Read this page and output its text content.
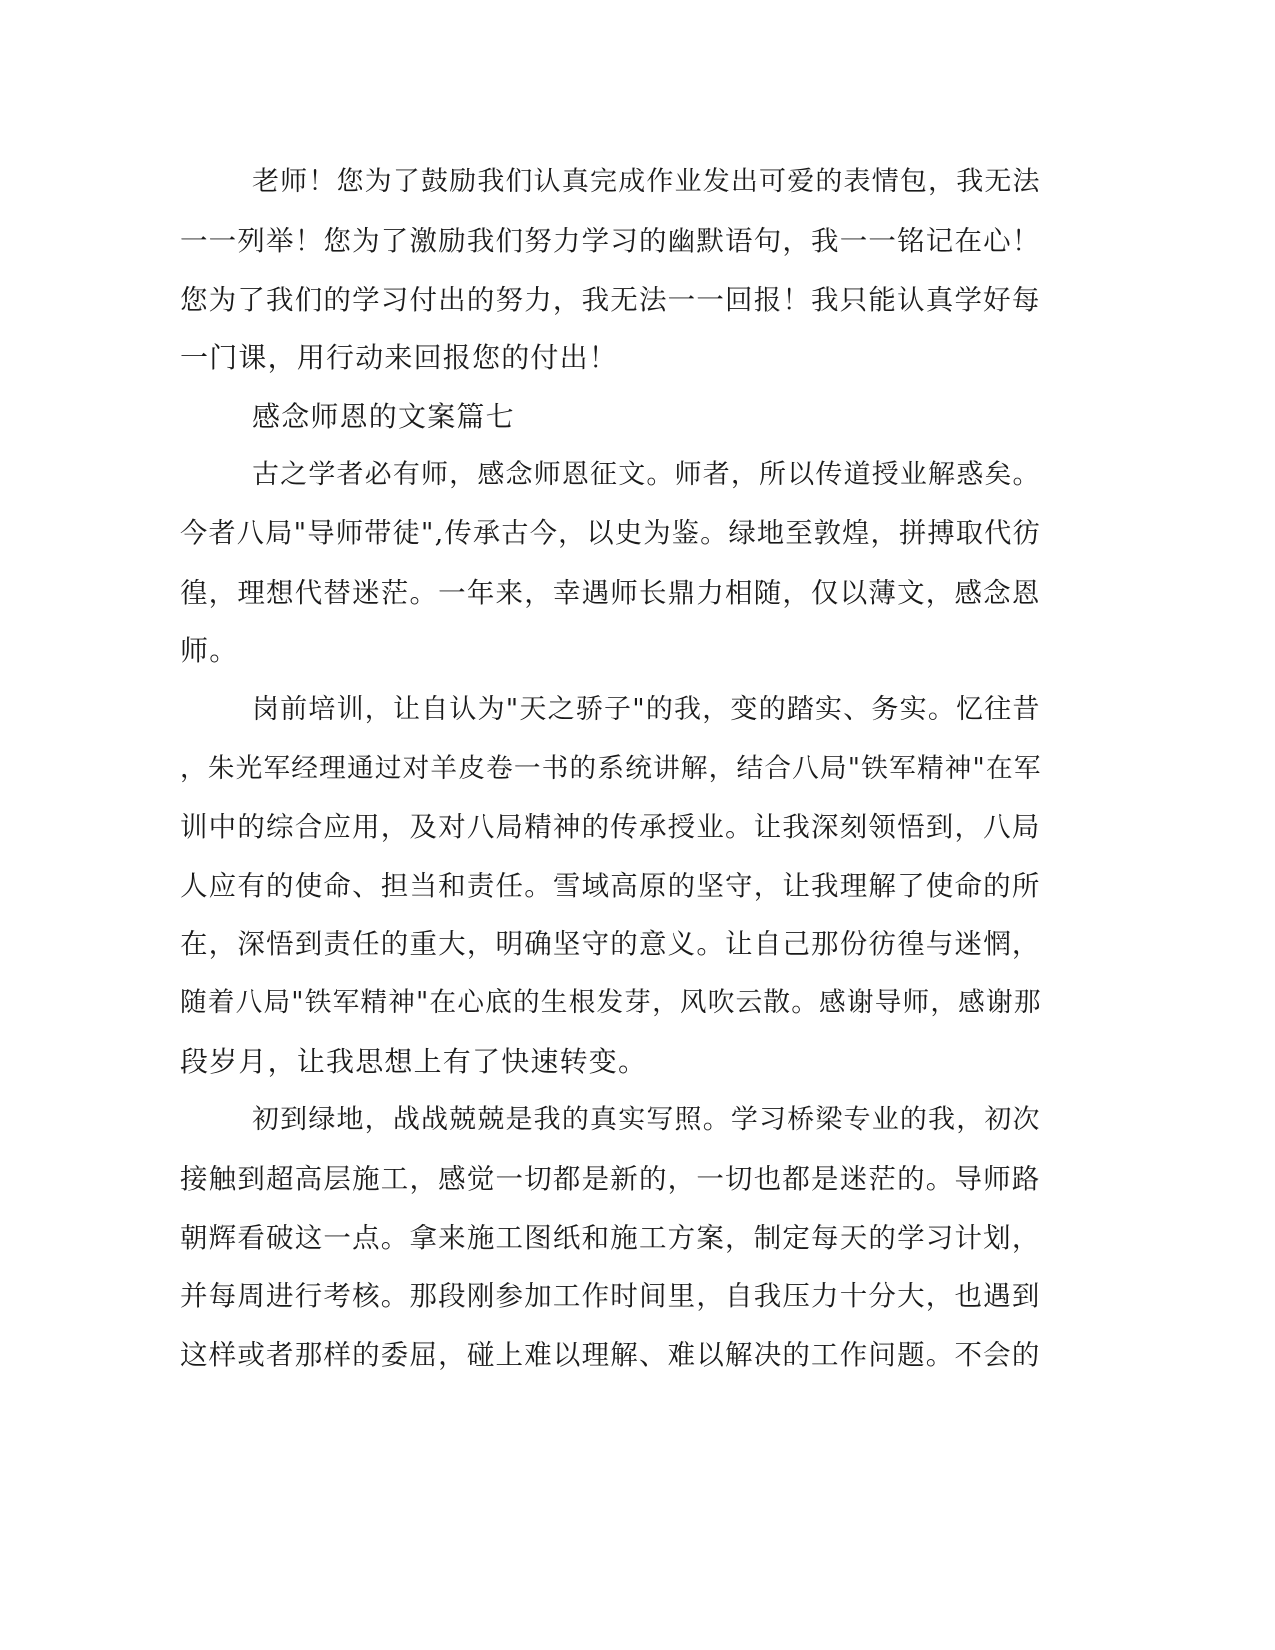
老师！您为了鼓励我们认真完成作业发出可爱的表情包，我无法

一一列举！您为了激励我们努力学习的幽默语句，我一一铭记在心！

您为了我们的学习付出的努力，我无法一一回报！我只能认真学好每

一门课，用行动来回报您的付出！

感念师恩的文案篇七

古之学者必有师，感念师恩征文。师者，所以传道授业解惑矣。

今者八局"导师带徒",传承古今，以史为鉴。绿地至敦煌，拼搏取代彷

徨，理想代替迷茫。一年来，幸遇师长鼎力相随，仅以薄文，感念恩

师。

岗前培训，让自认为"天之骄子"的我，变的踏实、务实。忆往昔

，朱光军经理通过对羊皮卷一书的系统讲解，结合八局"铁军精神"在军

训中的综合应用，及对八局精神的传承授业。让我深刻领悟到，八局

人应有的使命、担当和责任。雪域高原的坚守，让我理解了使命的所

在，深悟到责任的重大，明确坚守的意义。让自己那份彷徨与迷惘，

随着八局"铁军精神"在心底的生根发芽，风吹云散。感谢导师，感谢那

段岁月，让我思想上有了快速转变。

初到绿地，战战兢兢是我的真实写照。学习桥梁专业的我，初次

接触到超高层施工，感觉一切都是新的，一切也都是迷茫的。导师路

朝辉看破这一点。拿来施工图纸和施工方案，制定每天的学习计划，

并每周进行考核。那段刚参加工作时间里，自我压力十分大，也遇到

这样或者那样的委屈，碰上难以理解、难以解决的工作问题。不会的
